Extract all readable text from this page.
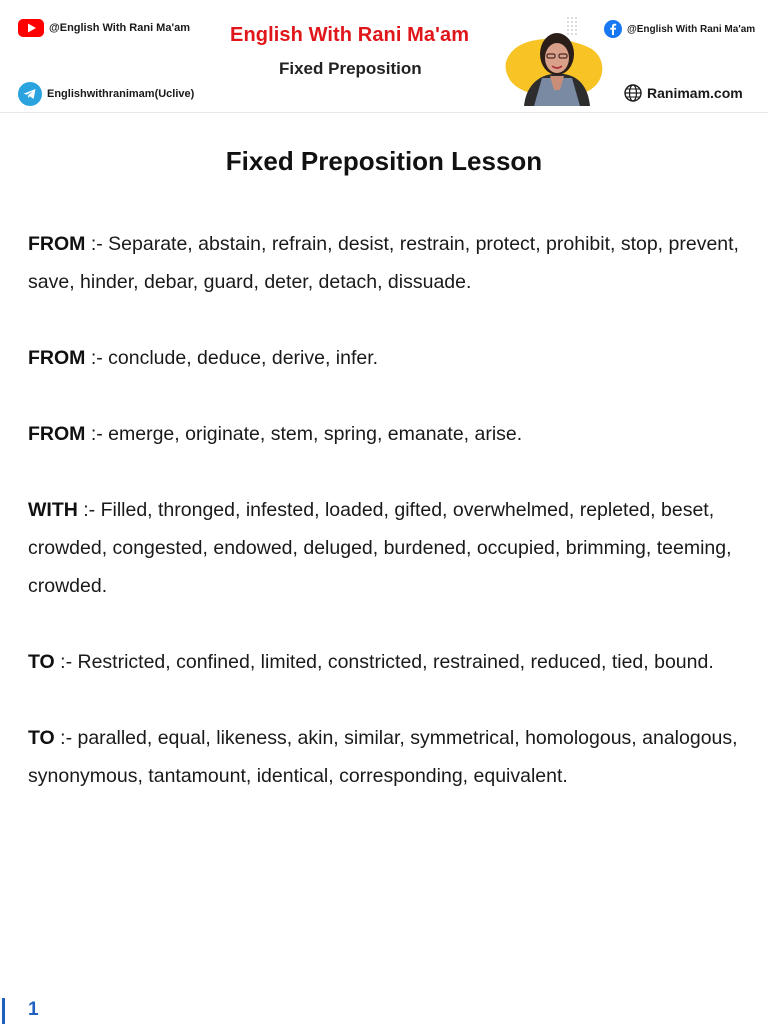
@English With Rani Ma'am
Englishwithranimam(Uclive)
English With Rani Ma'am
Fixed Preposition
@English With Rani Ma'am
Ranimam.com
Fixed Preposition Lesson

FROM :- Separate, abstain, refrain, desist, restrain, protect, prohibit, stop, prevent, save, hinder, debar, guard, deter, detach, dissuade.

FROM :- conclude, deduce, derive, infer.

FROM :- emerge, originate, stem, spring, emanate, arise.

WITH :- Filled, thronged, infested, loaded, gifted, overwhelmed, repleted, beset, crowded, congested, endowed, deluged, burdened, occupied, brimming, teeming, crowded.

TO :- Restricted, confined, limited, constricted, restrained, reduced, tied, bound.

TO :- paralled, equal, likeness, akin, similar, symmetrical, homologous, analogous, synonymous, tantamount, identical, corresponding, equivalent.

1
